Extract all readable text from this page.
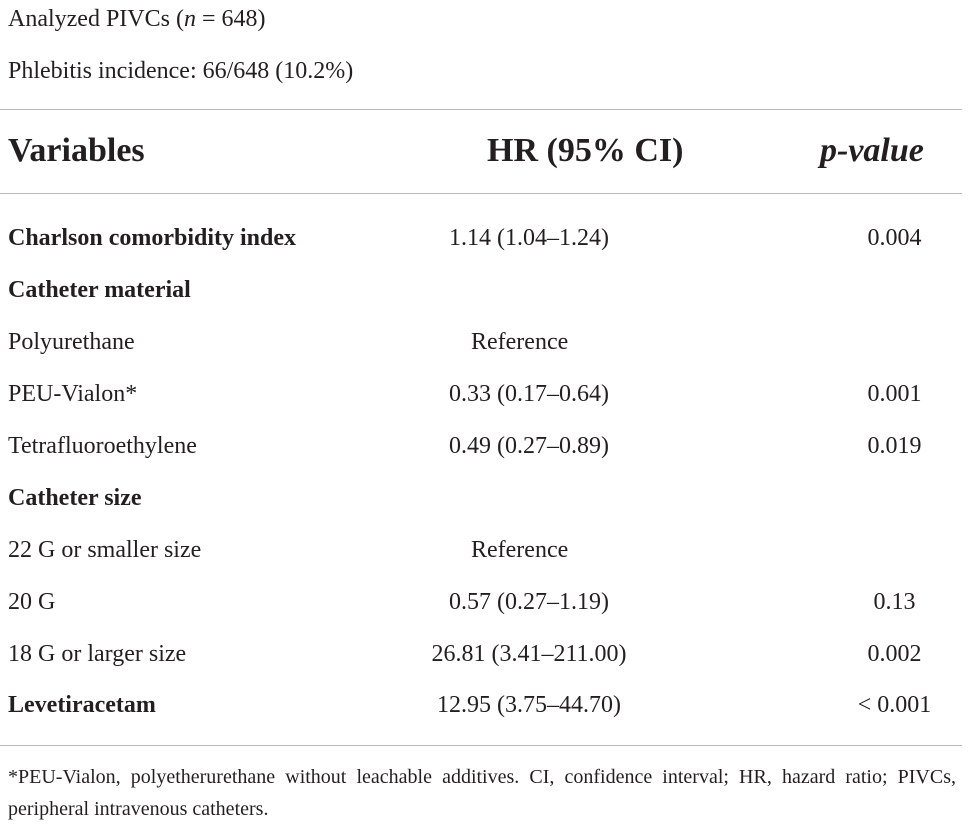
Analyzed PIVCs (n = 648)
Phlebitis incidence: 66/648 (10.2%)
Variables	HR (95% CI)	p-value
Charlson comorbidity index	1.14 (1.04–1.24)	0.004
Catheter material
Polyurethane	Reference
PEU-Vialon*	0.33 (0.17–0.64)	0.001
Tetrafluoroethylene	0.49 (0.27–0.89)	0.019
Catheter size
22 G or smaller size	Reference
20 G	0.57 (0.27–1.19)	0.13
18 G or larger size	26.81 (3.41–211.00)	0.002
Levetiracetam	12.95 (3.75–44.70)	< 0.001
*PEU-Vialon, polyetherurethane without leachable additives. CI, confidence interval; HR, hazard ratio; PIVCs, peripheral intravenous catheters.
